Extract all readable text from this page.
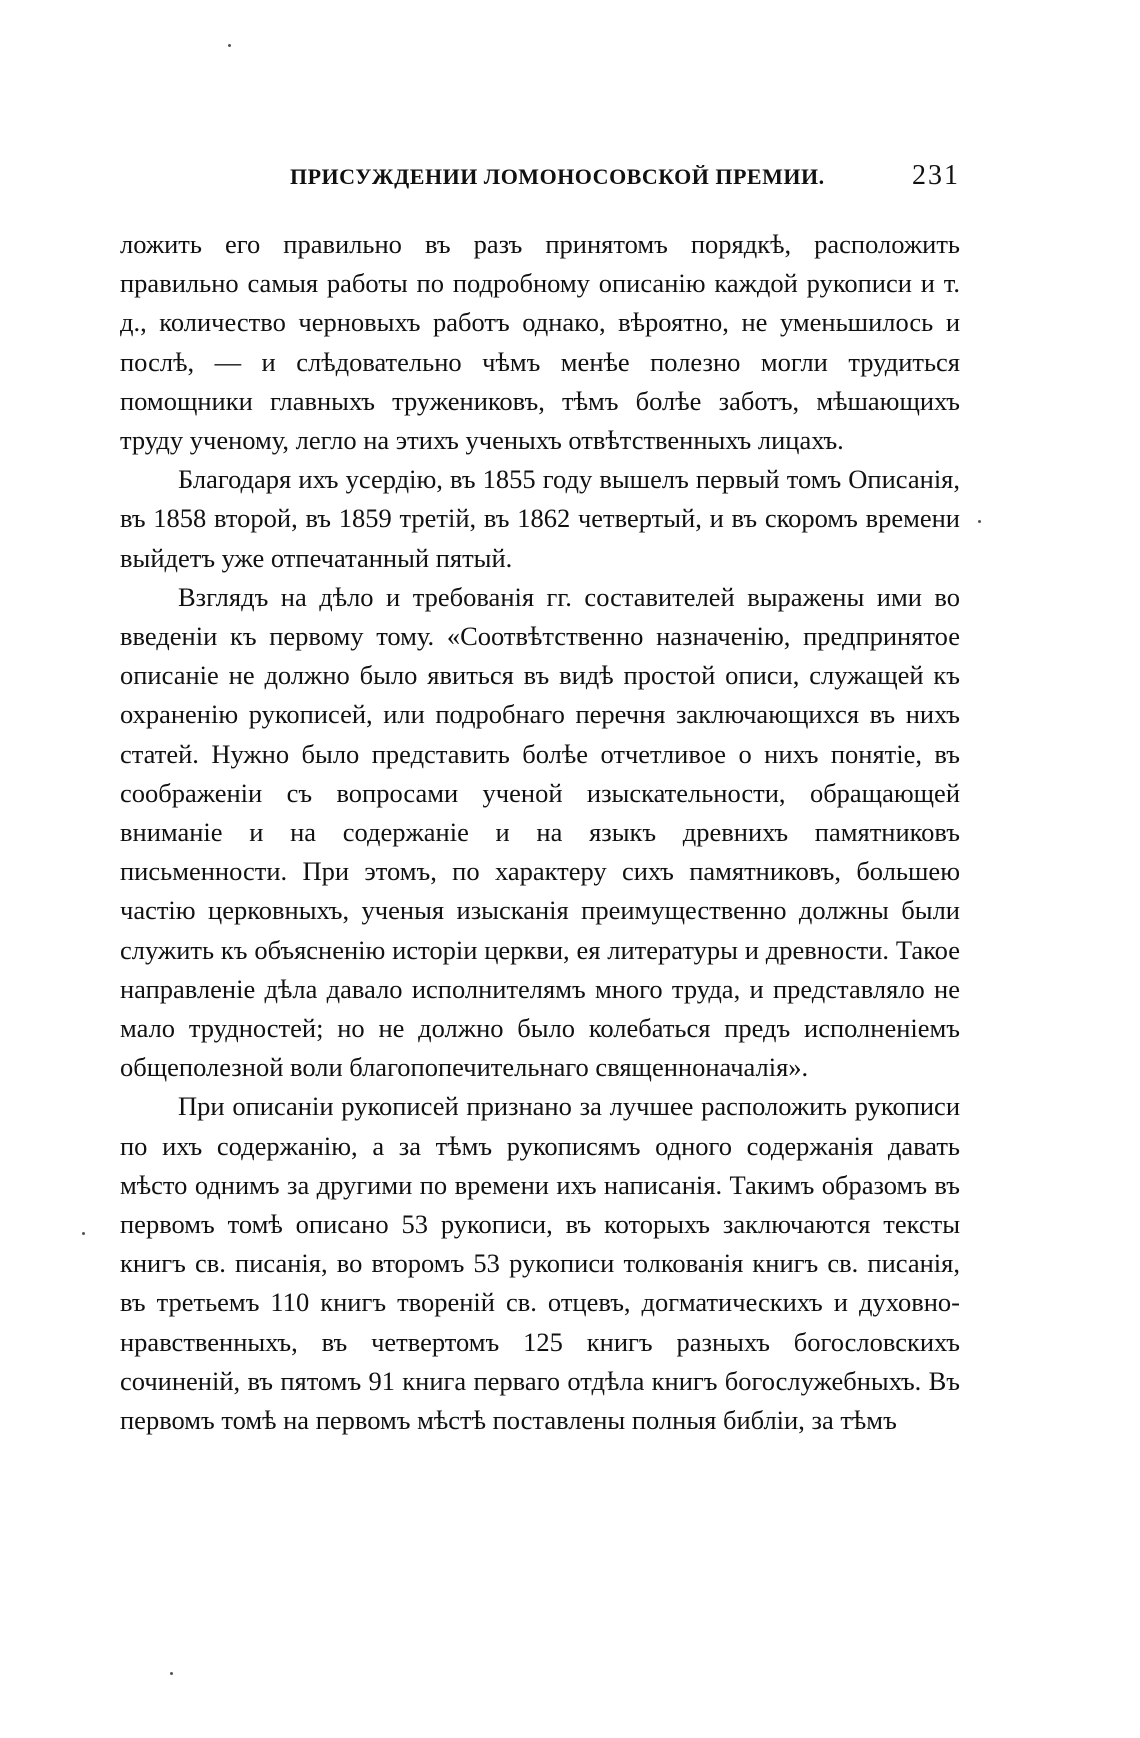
ПРИСУЖДЕНИИ ЛОМОНОСОВСКОЙ ПРЕМИИ.	231

ложить его правильно въ разъ принятомъ порядкѣ, расположить правильно самыя работы по подробному описанію каждой рукописи и т. д., количество черновыхъ работъ однако, вѣроятно, не уменьшилось и послѣ, — и слѣдовательно чѣмъ менѣе полезно могли трудиться помощники главныхъ тружениковъ, тѣмъ болѣе заботъ, мѣшающихъ труду ученому, легло на этихъ ученыхъ отвѣтственныхъ лицахъ.

Благодаря ихъ усердію, въ 1855 году вышелъ первый томъ Описанія, въ 1858 второй, въ 1859 третій, въ 1862 четвертый, и въ скоромъ времени выйдетъ уже отпечатанный пятый.

Взглядъ на дѣло и требованія гг. составителей выражены ими во введеніи къ первому тому. «Соотвѣтственно назначенію, предпринятое описаніе не должно было явиться въ видѣ простой описи, служащей къ охраненію рукописей, или подробнаго перечня заключающихся въ нихъ статей. Нужно было представить болѣе отчетливое о нихъ понятіе, въ соображеніи съ вопросами ученой изыскательности, обращающей вниманіе и на содержаніе и на языкъ древнихъ памятниковъ письменности. При этомъ, по характеру сихъ памятниковъ, большею частію церковныхъ, ученыя изысканія преимущественно должны были служить къ объясненію исторіи церкви, ея литературы и древности. Такое направленіе дѣла давало исполнителямъ много труда, и представляло не мало трудностей; но не должно было колебаться предъ исполненіемъ общеполезной воли благопопечительнаго священноначалія».

При описаніи рукописей признано за лучшее расположить рукописи по ихъ содержанію, а за тѣмъ рукописямъ одного содержанія давать мѣсто однимъ за другими по времени ихъ написанія. Такимъ образомъ въ первомъ томѣ описано 53 рукописи, въ которыхъ заключаются тексты книгъ св. писанія, во второмъ 53 рукописи толкованія книгъ св. писанія, въ третьемъ 110 книгъ твореній св. отцевъ, догматическихъ и духовно-нравственныхъ, въ четвертомъ 125 книгъ разныхъ богословскихъ сочиненій, въ пятомъ 91 книга перваго отдѣла книгъ богослужебныхъ. Въ первомъ томѣ на первомъ мѣстѣ поставлены полныя библіи, за тѣмъ
